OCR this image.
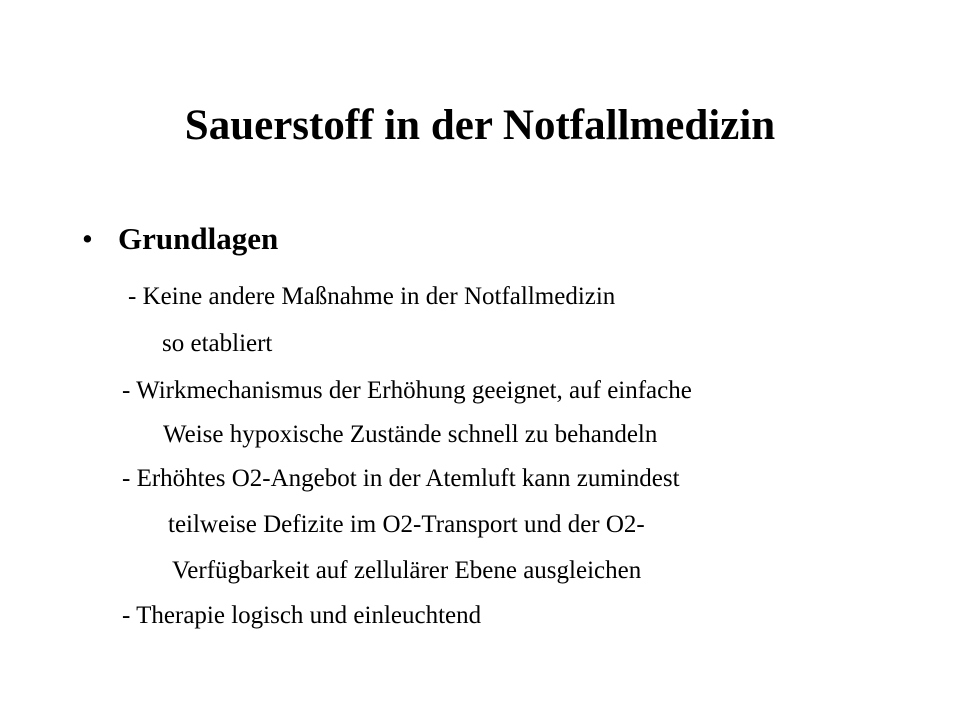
Sauerstoff in der Notfallmedizin
• Grundlagen
- Keine andere Maßnahme in der Notfallmedizin
so etabliert
- Wirkmechanismus der Erhöhung geeignet, auf einfache
Weise hypoxische Zustände schnell zu behandeln
- Erhöhtes O2-Angebot in der Atemluft kann zumindest
teilweise Defizite im O2-Transport und der O2-
Verfügbarkeit auf zellulärer Ebene ausgleichen
- Therapie logisch und einleuchtend
